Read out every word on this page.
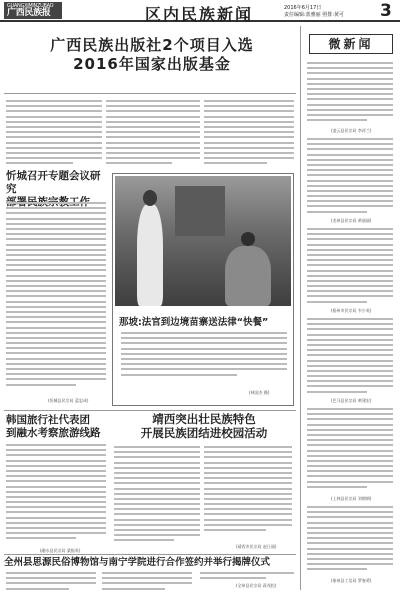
GUANGXIMINZUBAO
广西民族报	区内民族新闻	2016年6月17日
责任编辑:蓝雅丽 照排:黄可 3
广西民族出版社2个项目入选
2016年国家出版基金
忻城召开专题会议研究
(忻城县民宗局 蓝忠成)
那坡:法官到边境苗寨送法律“快餐”
(林国杰 摄)
韩国旅行社代表团
到融水考察旅游线路
(融水县民宗局 梁振英)
靖西突出壮民族特色
开展民族团结进校园活动
(靖西市民宗局 赵日丽)
全州县思源民俗博物馆与南宁学院进行合作签约并举行揭牌仪式
(全州县民宗局 蒋茂松)
微新闻
(凌云县民宗局 李祥兰)
(龙州县民宗局 黄丽丽)
(梧州市民宗局 韦少英)
(巴马县民宗局 黄建宏)
(上林县民宗局 刘朝朗)
(象州县工信局 罗春勇)
